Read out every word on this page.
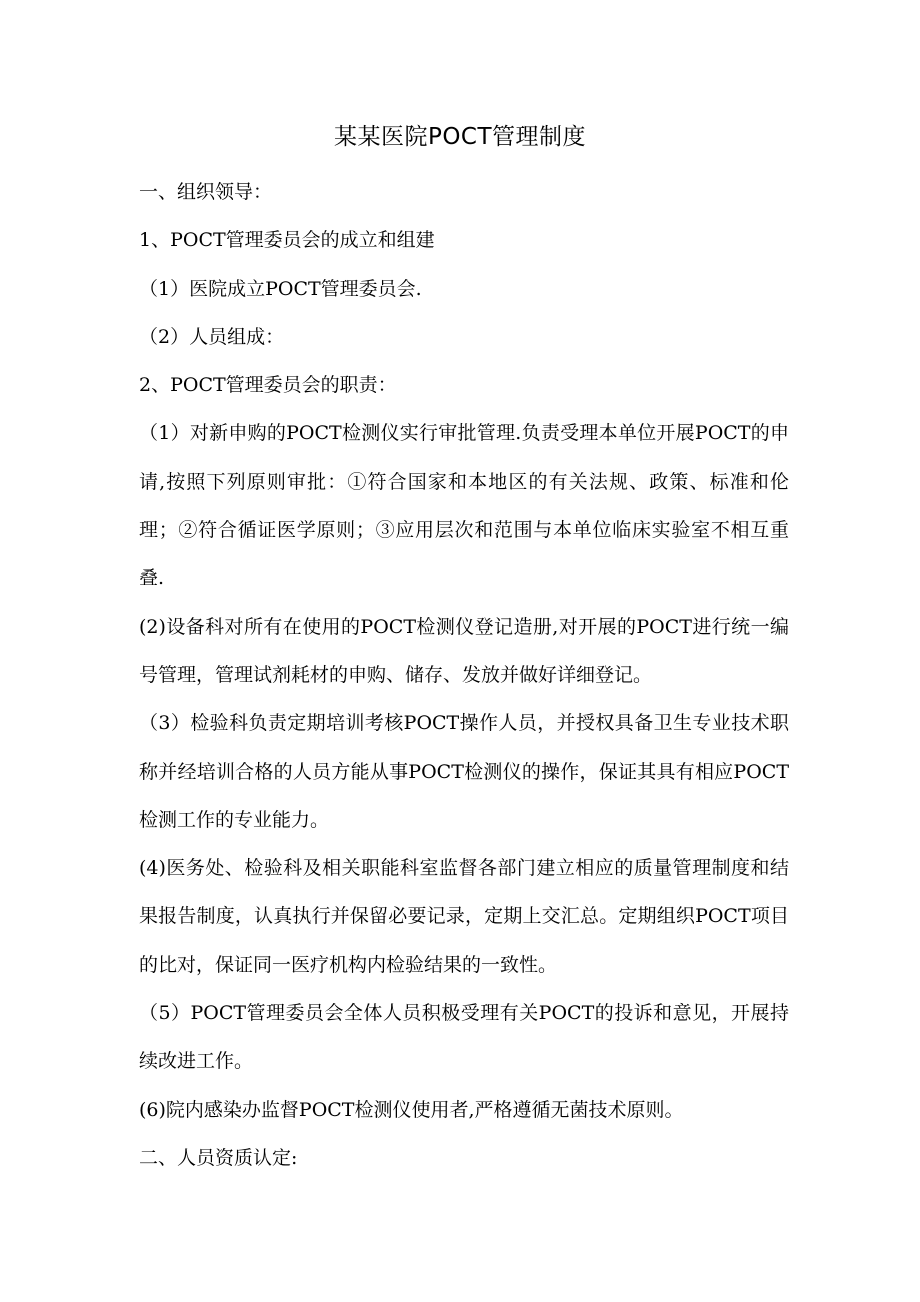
某某医院POCT管理制度

一、组织领导：

1、POCT管理委员会的成立和组建

（1）医院成立POCT管理委员会.

（2）人员组成：

2、POCT管理委员会的职责：

（1）对新申购的POCT检测仪实行审批管理.负责受理本单位开展POCT的申请,按照下列原则审批：①符合国家和本地区的有关法规、政策、标准和伦理；②符合循证医学原则；③应用层次和范围与本单位临床实验室不相互重叠.

(2)设备科对所有在使用的POCT检测仪登记造册,对开展的POCT进行统一编号管理，管理试剂耗材的申购、储存、发放并做好详细登记。

（3）检验科负责定期培训考核POCT操作人员，并授权具备卫生专业技术职称并经培训合格的人员方能从事POCT检测仪的操作，保证其具有相应POCT检测工作的专业能力。

(4)医务处、检验科及相关职能科室监督各部门建立相应的质量管理制度和结果报告制度，认真执行并保留必要记录，定期上交汇总。定期组织POCT项目的比对，保证同一医疗机构内检验结果的一致性。

（5）POCT管理委员会全体人员积极受理有关POCT的投诉和意见，开展持续改进工作。

(6)院内感染办监督POCT检测仪使用者,严格遵循无菌技术原则。

二、人员资质认定:
